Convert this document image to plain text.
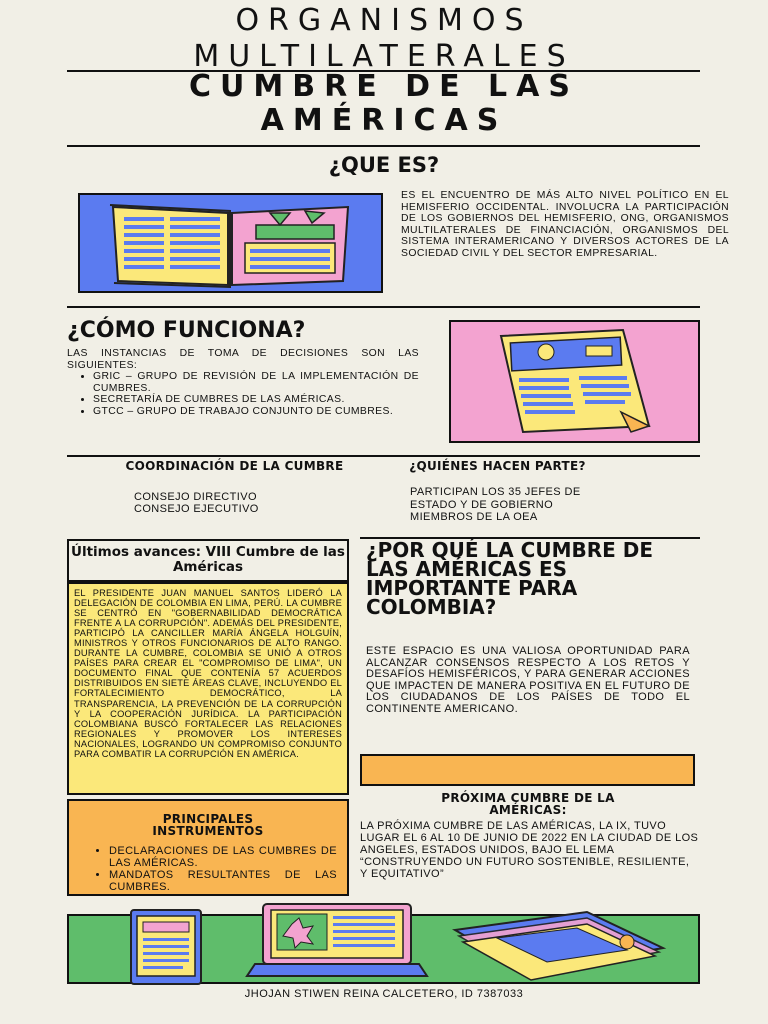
ORGANISMOS
MULTILATERALES
CUMBRE DE LAS
AMÉRICAS
¿QUE ES?
ES EL ENCUENTRO DE MÁS ALTO NIVEL POLÍTICO EN EL HEMISFERIO OCCIDENTAL. INVOLUCRA LA PARTICIPACIÓN DE LOS GOBIERNOS DEL HEMISFERIO, ONG, ORGANISMOS MULTILATERALES DE FINANCIACIÓN, ORGANISMOS DEL SISTEMA INTERAMERICANO Y DIVERSOS ACTORES DE LA SOCIEDAD CIVIL Y DEL SECTOR EMPRESARIAL.
¿CÓMO FUNCIONA?
LAS INSTANCIAS DE TOMA DE DECISIONES SON LAS SIGUIENTES:
• GRIC – GRUPO DE REVISIÓN DE LA IMPLEMENTACIÓN DE CUMBRES.
• SECRETARÍA DE CUMBRES DE LAS AMÉRICAS.
• GTCC – GRUPO DE TRABAJO CONJUNTO DE CUMBRES.
COORDINACIÓN DE LA CUMBRE
CONSEJO DIRECTIVO
CONSEJO EJECUTIVO
¿QUIÉNES HACEN PARTE?
PARTICIPAN LOS 35 JEFES DE ESTADO Y DE GOBIERNO MIEMBROS DE LA OEA
Últimos avances: VIII Cumbre de las Américas
EL PRESIDENTE JUAN MANUEL SANTOS LIDERÓ LA DELEGACIÓN DE COLOMBIA EN LIMA, PERÚ. LA CUMBRE SE CENTRÓ EN "GOBERNABILIDAD DEMOCRÁTICA FRENTE A LA CORRUPCIÓN". ADEMÁS DEL PRESIDENTE, PARTICIPÓ LA CANCILLER MARÍA ÁNGELA HOLGUÍN, MINISTROS Y OTROS FUNCIONARIOS DE ALTO RANGO. DURANTE LA CUMBRE, COLOMBIA SE UNIÓ A OTROS PAÍSES PARA CREAR EL "COMPROMISO DE LIMA", UN DOCUMENTO FINAL QUE CONTENÍA 57 ACUERDOS DISTRIBUIDOS EN SIETE ÁREAS CLAVE, INCLUYENDO EL FORTALECIMIENTO DEMOCRÁTICO, LA TRANSPARENCIA, LA PREVENCIÓN DE LA CORRUPCIÓN Y LA COOPERACIÓN JURÍDICA. LA PARTICIPACIÓN COLOMBIANA BUSCÓ FORTALECER LAS RELACIONES REGIONALES Y PROMOVER LOS INTERESES NACIONALES, LOGRANDO UN COMPROMISO CONJUNTO PARA COMBATIR LA CORRUPCIÓN EN AMÉRICA.
¿POR QUÉ LA CUMBRE DE LAS AMÉRICAS ES IMPORTANTE PARA COLOMBIA?
ESTE ESPACIO ES UNA VALIOSA OPORTUNIDAD PARA ALCANZAR CONSENSOS RESPECTO A LOS RETOS Y DESAFÍOS HEMISFÉRICOS, Y PARA GENERAR ACCIONES QUE IMPACTEN DE MANERA POSITIVA EN EL FUTURO DE LOS CIUDADANOS DE LOS PAÍSES DE TODO EL CONTINENTE AMERICANO.
PRINCIPALES INSTRUMENTOS
• DECLARACIONES DE LAS CUMBRES DE LAS AMÉRICAS.
• MANDATOS RESULTANTES DE LAS CUMBRES.
PRÓXIMA CUMBRE DE LA AMÉRICAS:
LA PRÓXIMA CUMBRE DE LAS AMÉRICAS, LA IX, TUVO LUGAR EL 6 AL 10 DE JUNIO DE 2022 EN LA CIUDAD DE LOS ANGELES, ESTADOS UNIDOS, BAJO EL LEMA “CONSTRUYENDO UN FUTURO SOSTENIBLE, RESILIENTE, Y EQUITATIVO”
JHOJAN STIWEN REINA CALCETERO, ID 7387033
